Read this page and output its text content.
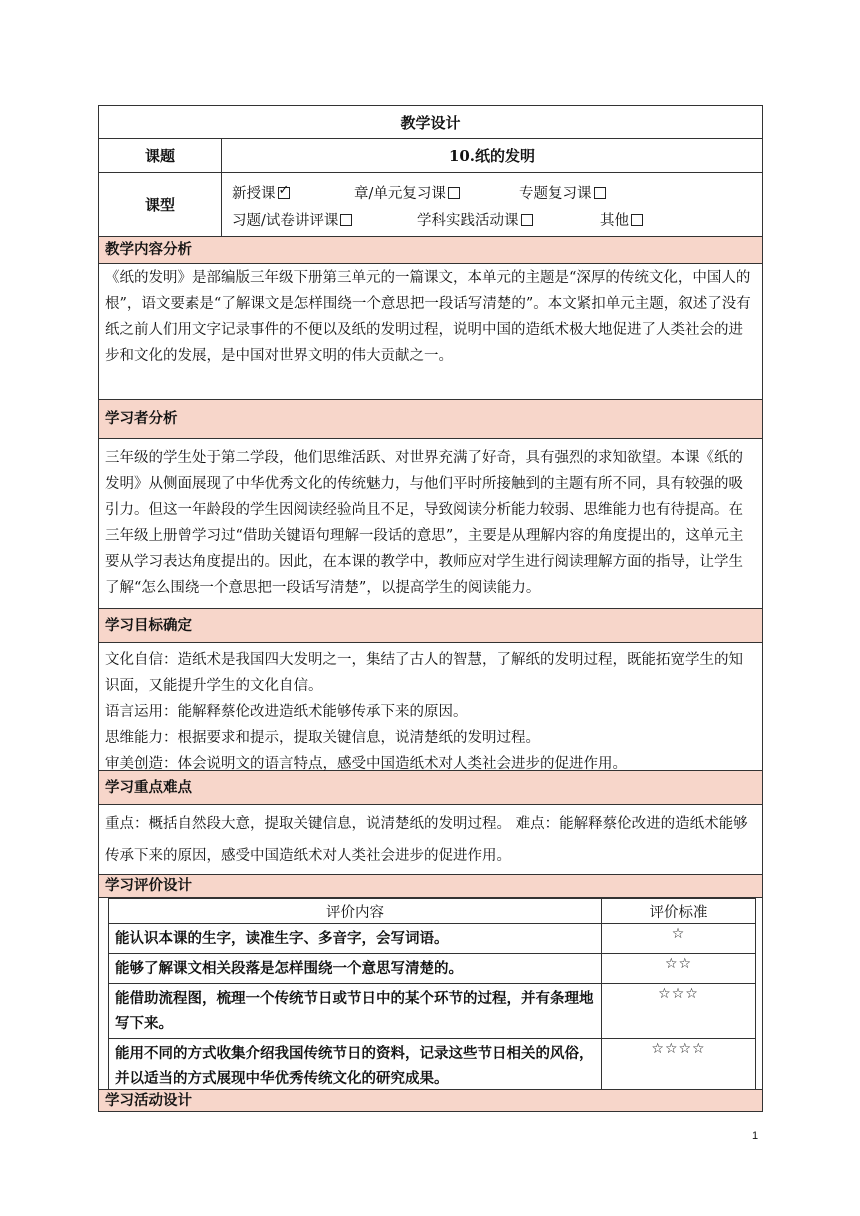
教学设计
课题	10.纸的发明
课型
新授课 ✓	章/单元复习课	专题复习课
习题/试卷讲评课	学科实践活动课	其他
教学内容分析

《纸的发明》是部编版三年级下册第三单元的一篇课文，本单元的主题是“深厚的传统文化，中国人的根”，语文要素是“了解课文是怎样围绕一个意思把一段话写清楚的”。本文紧扣单元主题，叙述了没有纸之前人们用文字记录事件的不便以及纸的发明过程，说明中国的造纸术极大地促进了人类社会的进步和文化的发展，是中国对世界文明的伟大贡献之一。

学习者分析

三年级的学生处于第二学段，他们思维活跃、对世界充满了好奇，具有强烈的求知欲望。本课《纸的发明》从侧面展现了中华优秀文化的传统魅力，与他们平时所接触到的主题有所不同，具有较强的吸引力。但这一年龄段的学生因阅读经验尚且不足，导致阅读分析能力较弱、思维能力也有待提高。在三年级上册曾学习过“借助关键语句理解一段话的意思”，主要是从理解内容的角度提出的，这单元主要从学习表达角度提出的。因此，在本课的教学中，教师应对学生进行阅读理解方面的指导，让学生了解“怎么围绕一个意思把一段话写清楚”，以提高学生的阅读能力。

学习目标确定

文化自信：造纸术是我国四大发明之一，集结了古人的智慧，了解纸的发明过程，既能拓宽学生的知识面，又能提升学生的文化自信。

语言运用：能解释蔡伦改进造纸术能够传承下来的原因。

思维能力：根据要求和提示，提取关键信息，说清楚纸的发明过程。

审美创造：体会说明文的语言特点，感受中国造纸术对人类社会进步的促进作用。

学习重点难点

重点：概括自然段大意，提取关键信息，说清楚纸的发明过程。 难点：能解释蔡伦改进的造纸术能够传承下来的原因，感受中国造纸术对人类社会进步的促进作用。

学习评价设计
评价内容	评价标准
能认识本课的生字，读准生字、多音字，会写词语。	☆
能够了解课文相关段落是怎样围绕一个意思写清楚的。	☆☆
能借助流程图，梳理一个传统节日或节日中的某个环节的过程，并有条理地写下来。	☆☆☆
能用不同的方式收集介绍我国传统节日的资料，记录这些节日相关的风俗，并以适当的方式展现中华优秀传统文化的研究成果。	☆☆☆☆
学习活动设计
1
